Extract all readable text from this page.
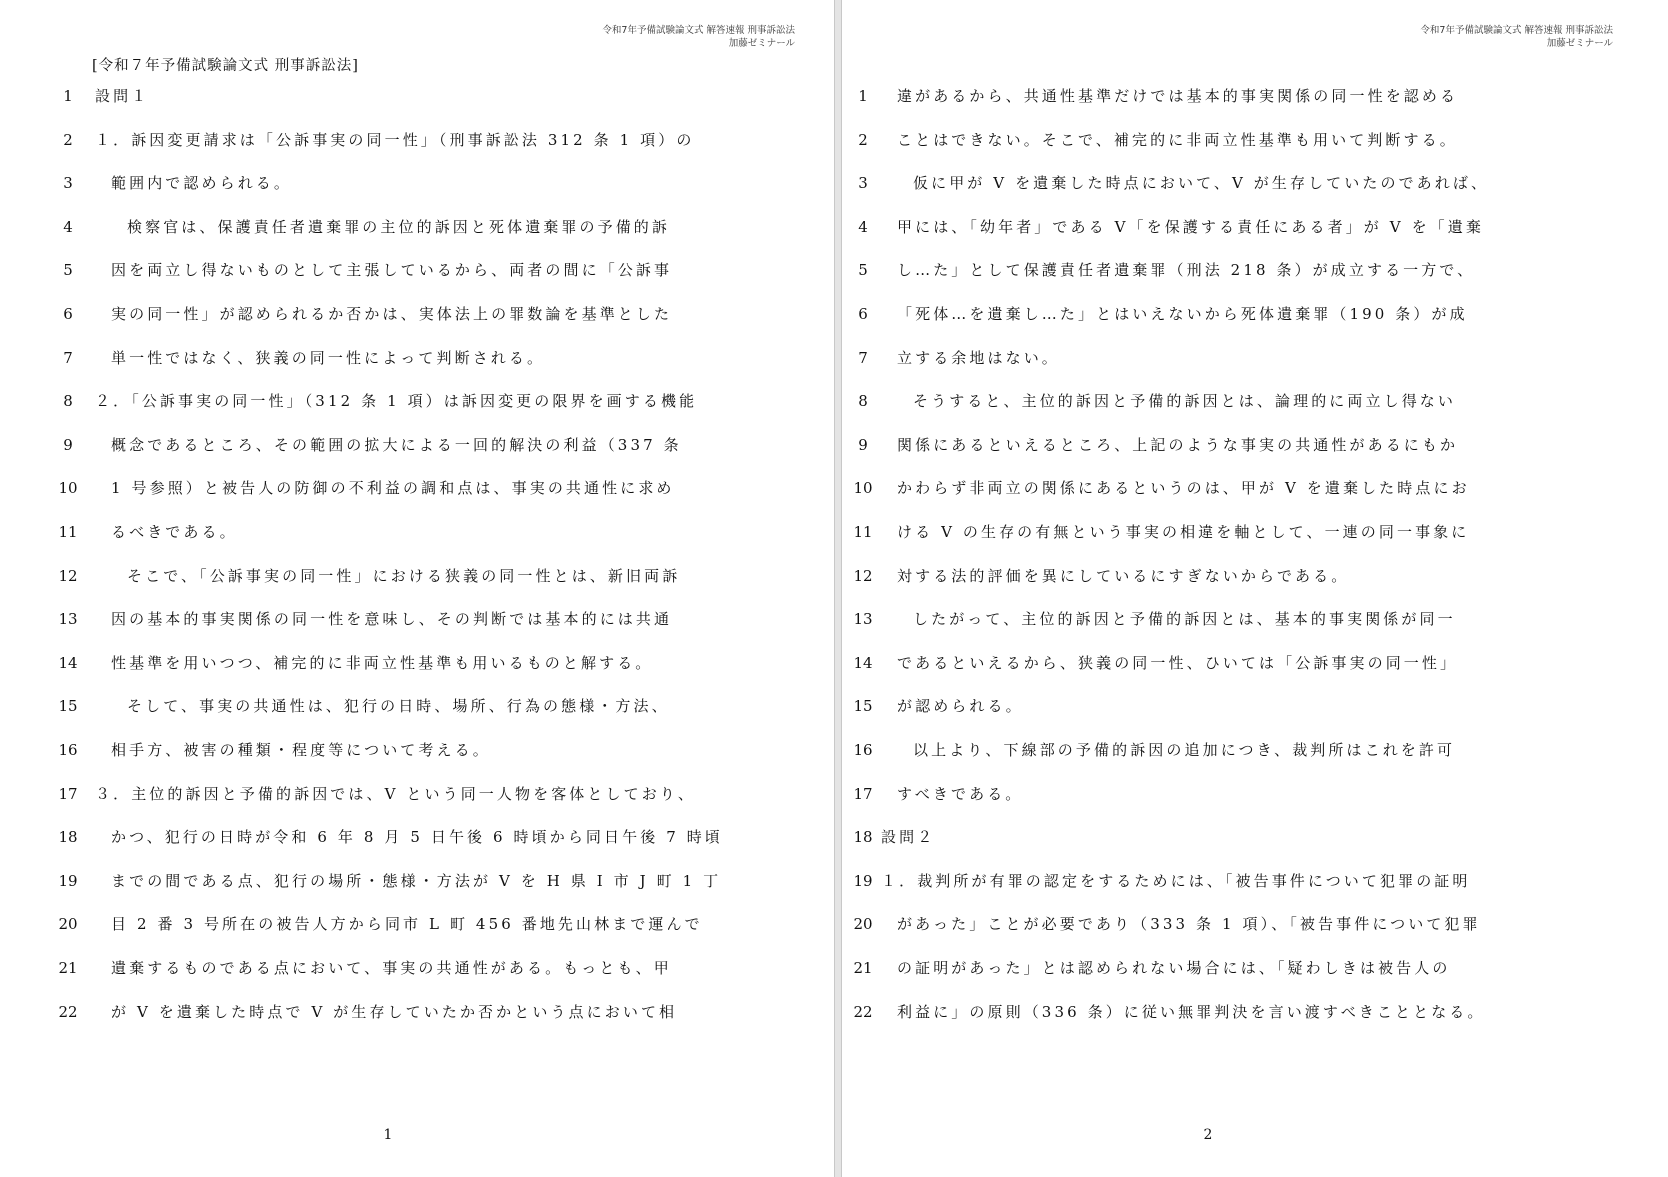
令和7年予備試験論文式 解答速報 刑事訴訟法
加藤ゼミナール
[令和７年予備試験論文式 刑事訴訟法]
1	設問１
2	１．訴因変更請求は「公訴事実の同一性」（刑事訴訟法 312 条 1 項）の
3	範囲内で認められる。
4	検察官は、保護責任者遺棄罪の主位的訴因と死体遺棄罪の予備的訴
5	因を両立し得ないものとして主張しているから、両者の間に「公訴事
6	実の同一性」が認められるか否かは、実体法上の罪数論を基準とした
7	単一性ではなく、狭義の同一性によって判断される。
8	２．「公訴事実の同一性」（312 条 1 項）は訴因変更の限界を画する機能
9	概念であるところ、その範囲の拡大による一回的解決の利益（337 条
10	1 号参照）と被告人の防御の不利益の調和点は、事実の共通性に求め
11	るべきである。
12	そこで、「公訴事実の同一性」における狭義の同一性とは、新旧両訴
13	因の基本的事実関係の同一性を意味し、その判断では基本的には共通
14	性基準を用いつつ、補完的に非両立性基準も用いるものと解する。
15	そして、事実の共通性は、犯行の日時、場所、行為の態様・方法、
16	相手方、被害の種類・程度等について考える。
17	３．主位的訴因と予備的訴因では、V という同一人物を客体としており、
18	かつ、犯行の日時が令和 6 年 8 月 5 日午後 6 時頃から同日午後 7 時頃
19	までの間である点、犯行の場所・態様・方法が V を H 県 I 市 J 町 1 丁
20	目 2 番 3 号所在の被告人方から同市 L 町 456 番地先山林まで運んで
21	遺棄するものである点において、事実の共通性がある。もっとも、甲
22	が V を遺棄した時点で V が生存していたか否かという点において相
1
令和7年予備試験論文式 解答速報 刑事訴訟法
加藤ゼミナール
1	違があるから、共通性基準だけでは基本的事実関係の同一性を認める
2	ことはできない。そこで、補完的に非両立性基準も用いて判断する。
3	仮に甲が V を遺棄した時点において、V が生存していたのであれば、
4	甲には、「幼年者」である V「を保護する責任にある者」が V を「遺棄
5	し…た」として保護責任者遺棄罪（刑法 218 条）が成立する一方で、
6	「死体…を遺棄し…た」とはいえないから死体遺棄罪（190 条）が成
7	立する余地はない。
8	そうすると、主位的訴因と予備的訴因とは、論理的に両立し得ない
9	関係にあるといえるところ、上記のような事実の共通性があるにもか
10	かわらず非両立の関係にあるというのは、甲が V を遺棄した時点にお
11	ける V の生存の有無という事実の相違を軸として、一連の同一事象に
12	対する法的評価を異にしているにすぎないからである。
13	したがって、主位的訴因と予備的訴因とは、基本的事実関係が同一
14	であるといえるから、狭義の同一性、ひいては「公訴事実の同一性」
15	が認められる。
16	以上より、下線部の予備的訴因の追加につき、裁判所はこれを許可
17	すべきである。
18 設問２
19 １．裁判所が有罪の認定をするためには、「被告事件について犯罪の証明
20	があった」ことが必要であり（333 条 1 項）、「被告事件について犯罪
21	の証明があった」とは認められない場合には、「疑わしきは被告人の
22	利益に」の原則（336 条）に従い無罪判決を言い渡すべきこととなる。
2
